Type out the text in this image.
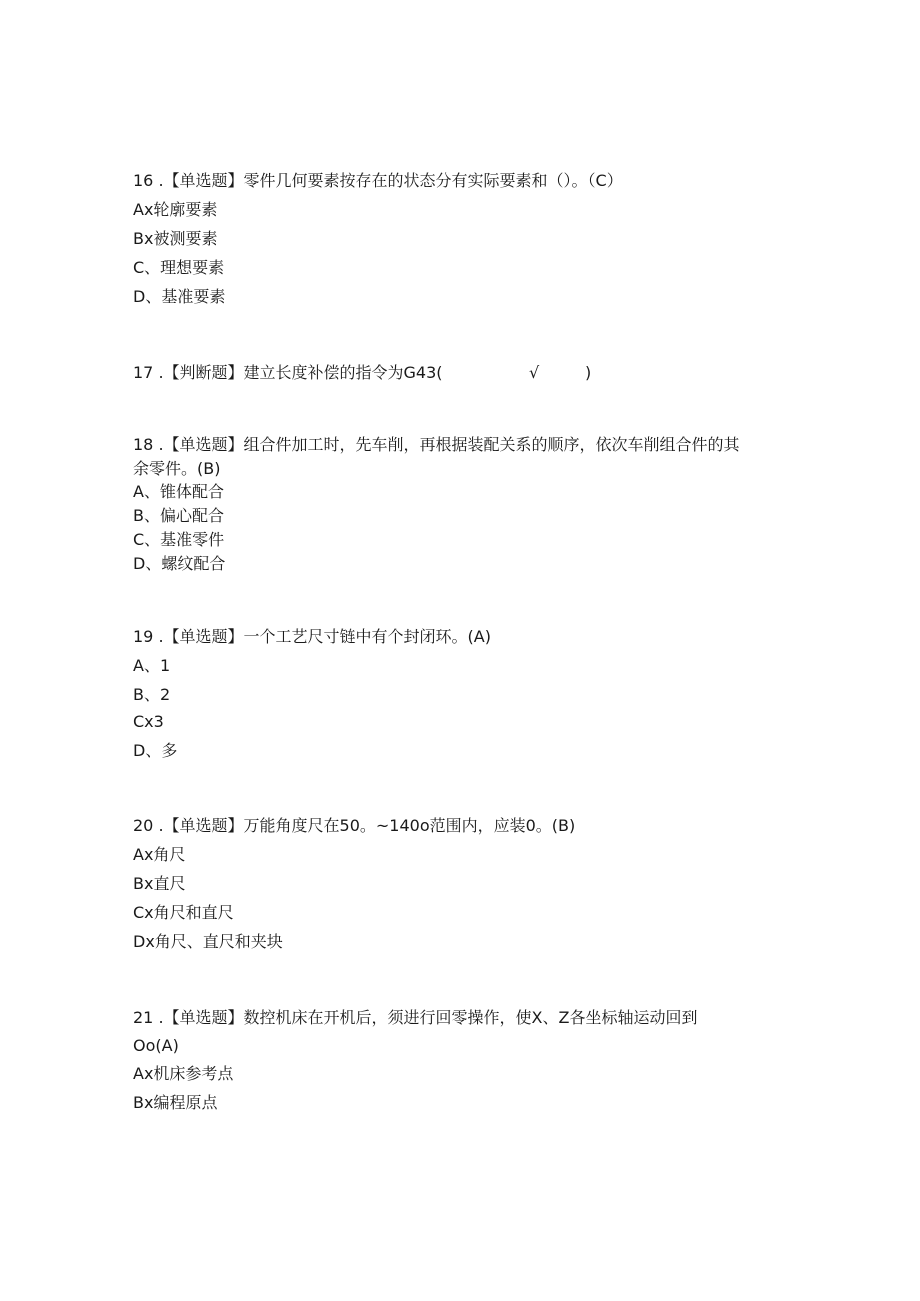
16 .【单选题】零件几何要素按存在的状态分有实际要素和（）。（C）
Ax轮廓要素
Bx被测要素
C、理想要素
D、基准要素
17 .【判断题】建立长度补偿的指令为G43(                 √         )
18 .【单选题】组合件加工时，先车削，再根据装配关系的顺序，依次车削组合件的其
余零件。(B)
A、锥体配合
B、偏心配合
C、基准零件
D、螺纹配合
19 .【单选题】一个工艺尺寸链中有个封闭环。(A)
A、1
B、2
Cx3
D、多
20 .【单选题】万能角度尺在50。~140o范围内，应装0。(B)
Ax角尺
Bx直尺
Cx角尺和直尺
Dx角尺、直尺和夹块
21 .【单选题】数控机床在开机后，须进行回零操作，使X、Z各坐标轴运动回到
Oo(A)
Ax机床参考点
Bx编程原点
